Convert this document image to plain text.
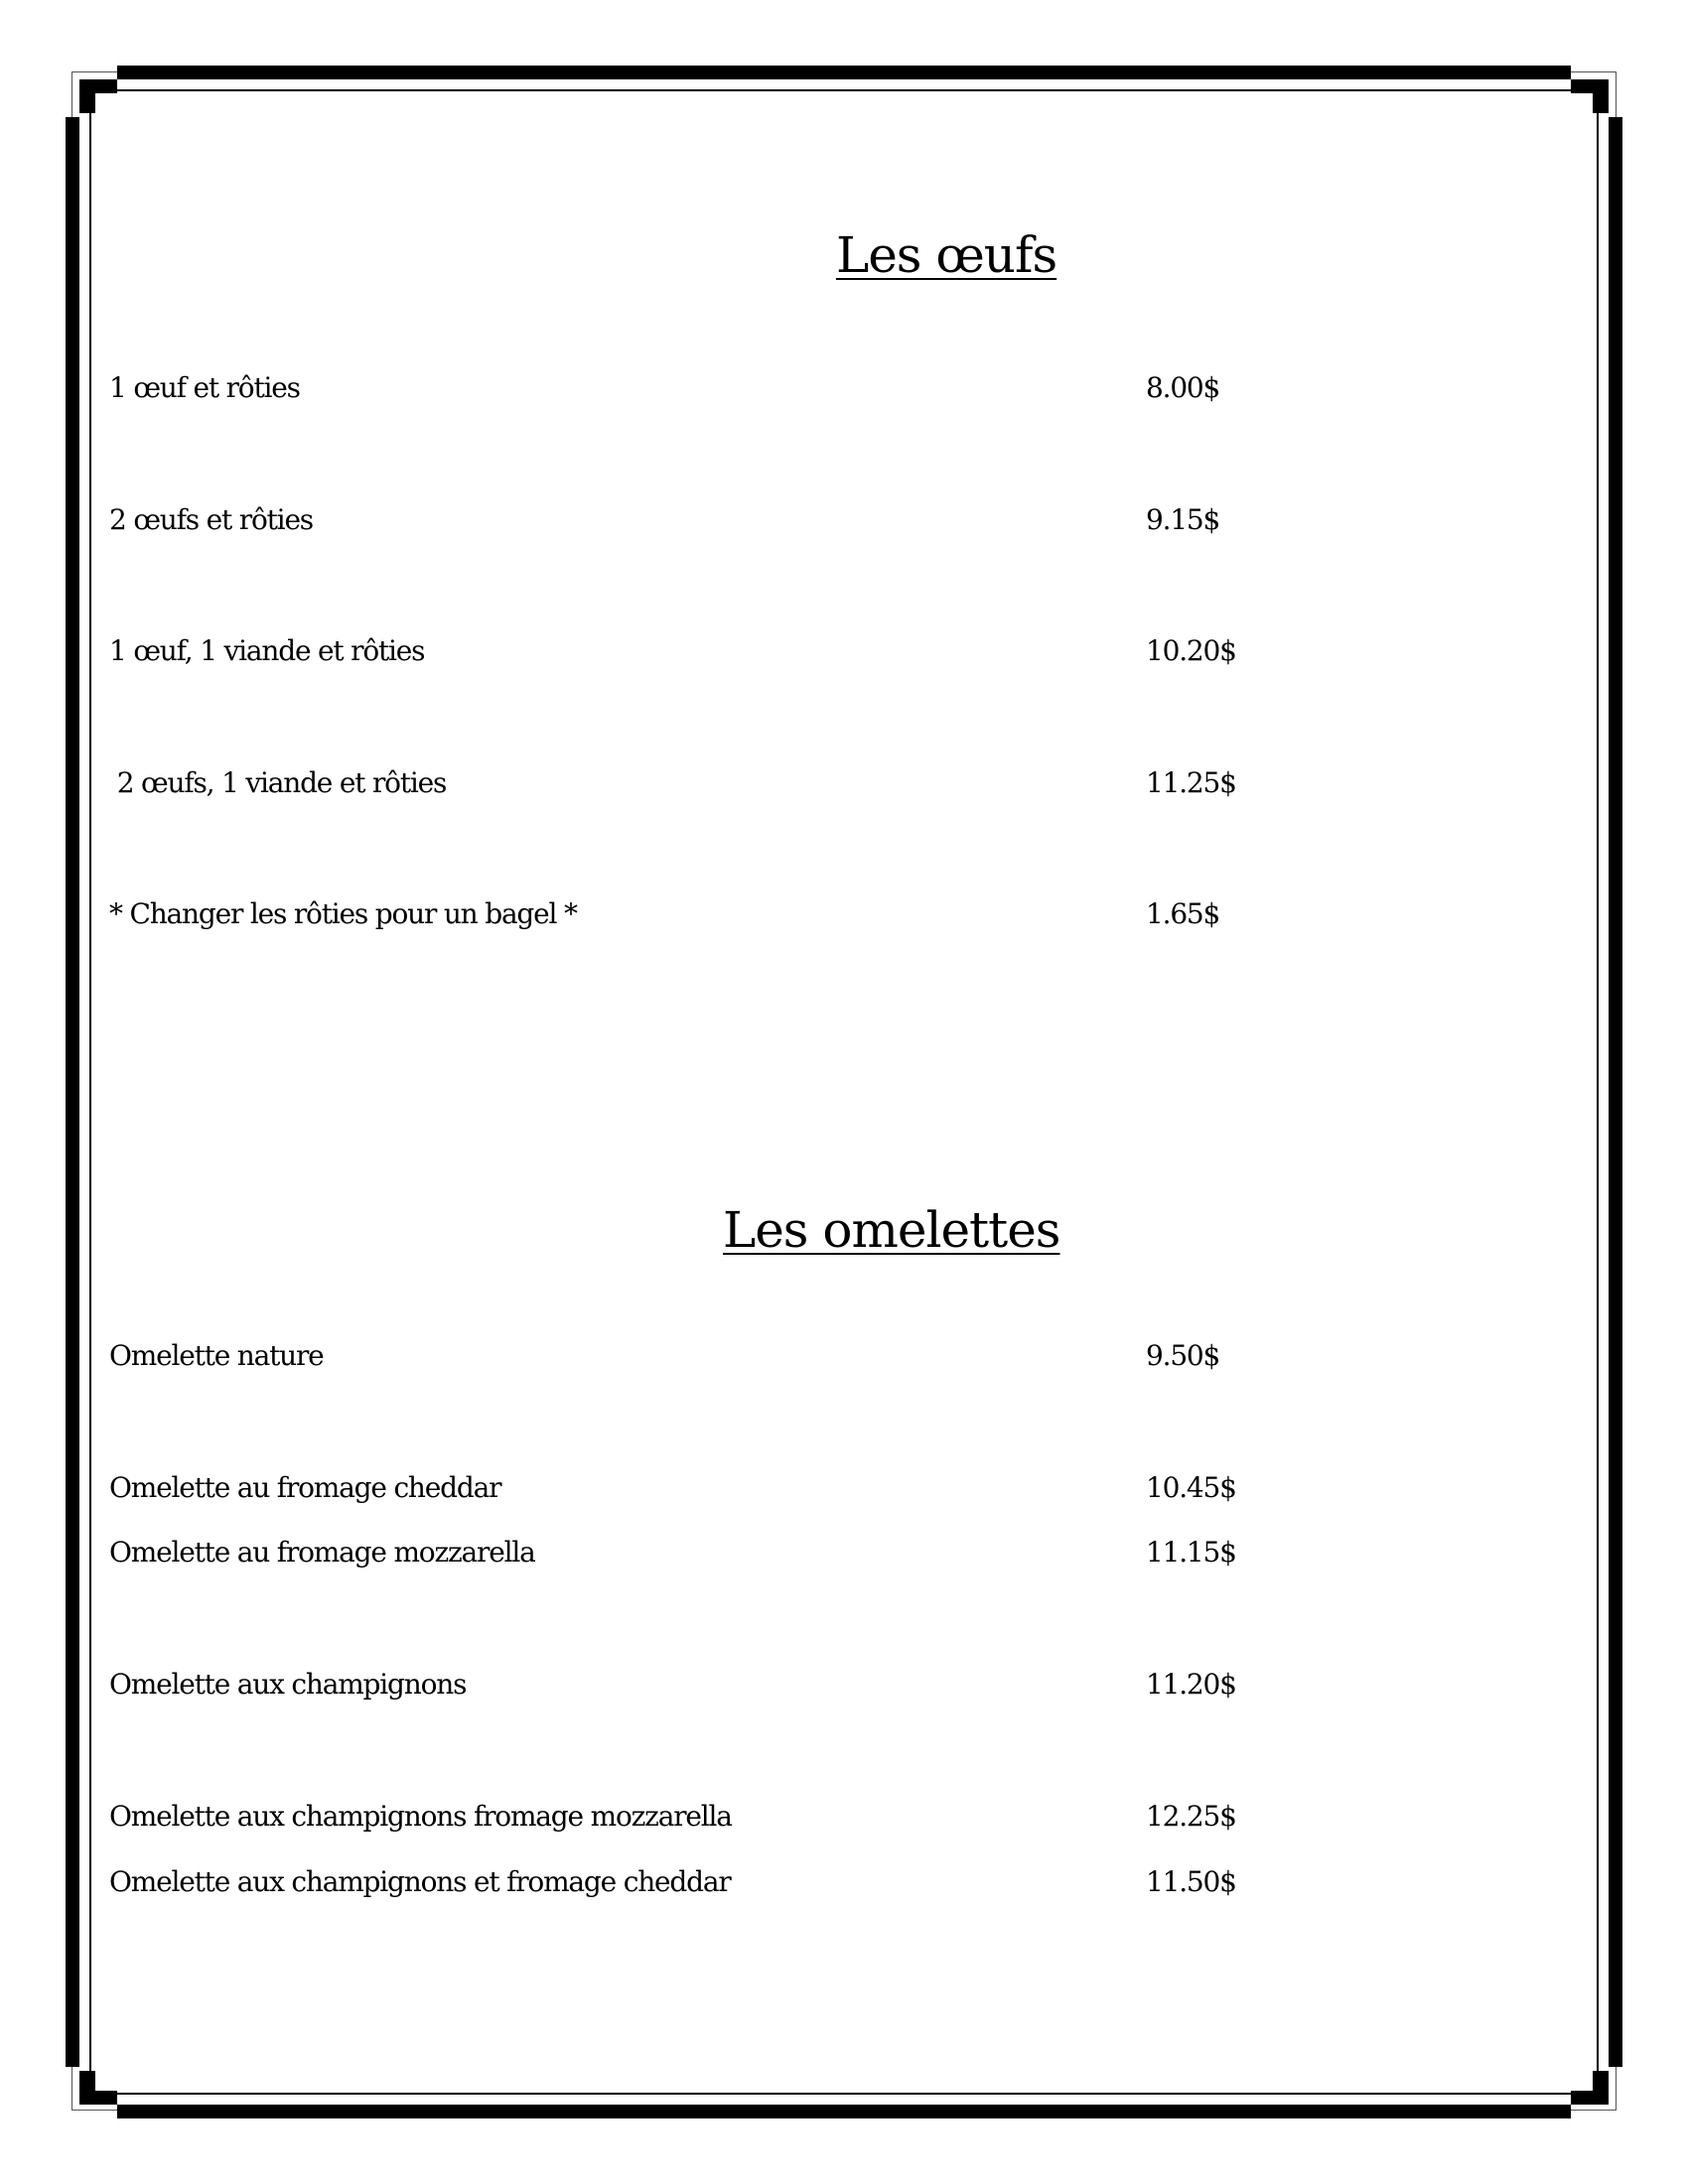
Les œufs
1 œuf et rôties	8.00$
2 œufs et rôties	9.15$
1 œuf, 1 viande et rôties	10.20$
2 œufs, 1 viande et rôties	11.25$
* Changer les rôties pour un bagel *	1.65$
Les omelettes
Omelette nature	9.50$
Omelette au fromage cheddar	10.45$
Omelette au fromage mozzarella	11.15$
Omelette aux champignons	11.20$
Omelette aux champignons fromage mozzarella	12.25$
Omelette aux champignons et fromage cheddar	11.50$
